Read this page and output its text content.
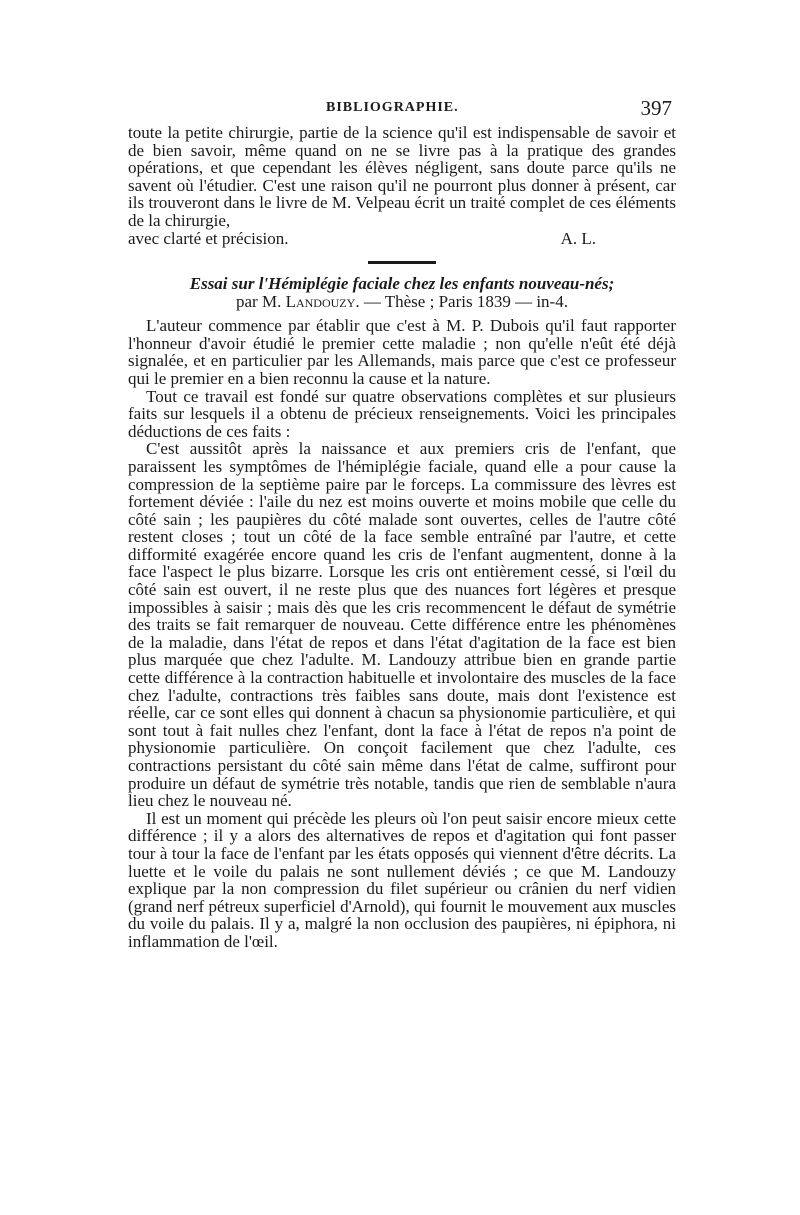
BIBLIOGRAPHIE.	397

toute la petite chirurgie, partie de la science qu'il est indispensable de savoir et de bien savoir, même quand on ne se livre pas à la pratique des grandes opérations, et que cependant les élèves négligent, sans doute parce qu'ils ne savent où l'étudier. C'est une raison qu'il ne pourront plus donner à présent, car ils trouveront dans le livre de M. Velpeau écrit un traité complet de ces éléments de la chirurgie,

avec clarté et précision.	A. L.

Essai sur l'Hémiplégie faciale chez les enfants nouveau-nés;
par M. Landouzy. — Thèse ; Paris 1839 — in-4.

L'auteur commence par établir que c'est à M. P. Dubois qu'il faut rapporter l'honneur d'avoir étudié le premier cette maladie ; non qu'elle n'eût été déjà signalée, et en particulier par les Allemands, mais parce que c'est ce professeur qui le premier en a bien reconnu la cause et la nature.

Tout ce travail est fondé sur quatre observations complètes et sur plusieurs faits sur lesquels il a obtenu de précieux renseignements. Voici les principales déductions de ces faits :

C'est aussitôt après la naissance et aux premiers cris de l'enfant, que paraissent les symptômes de l'hémiplégie faciale, quand elle a pour cause la compression de la septième paire par le forceps. La commissure des lèvres est fortement déviée : l'aile du nez est moins ouverte et moins mobile que celle du côté sain ; les paupières du côté malade sont ouvertes, celles de l'autre côté restent closes ; tout un côté de la face semble entraîné par l'autre, et cette difformité exagérée encore quand les cris de l'enfant augmentent, donne à la face l'aspect le plus bizarre. Lorsque les cris ont entièrement cessé, si l'œil du côté sain est ouvert, il ne reste plus que des nuances fort légères et presque impossibles à saisir ; mais dès que les cris recommencent le défaut de symétrie des traits se fait remarquer de nouveau. Cette différence entre les phénomènes de la maladie, dans l'état de repos et dans l'état d'agitation de la face est bien plus marquée que chez l'adulte. M. Landouzy attribue bien en grande partie cette différence à la contraction habituelle et involontaire des muscles de la face chez l'adulte, contractions très faibles sans doute, mais dont l'existence est réelle, car ce sont elles qui donnent à chacun sa physionomie particulière, et qui sont tout à fait nulles chez l'enfant, dont la face à l'état de repos n'a point de physionomie particulière. On conçoit facilement que chez l'adulte, ces contractions persistant du côté sain même dans l'état de calme, suffiront pour produire un défaut de symétrie très notable, tandis que rien de semblable n'aura lieu chez le nouveau né.

Il est un moment qui précède les pleurs où l'on peut saisir encore mieux cette différence ; il y a alors des alternatives de repos et d'agitation qui font passer tour à tour la face de l'enfant par les états opposés qui viennent d'être décrits. La luette et le voile du palais ne sont nullement déviés ; ce que M. Landouzy explique par la non compression du filet supérieur ou crânien du nerf vidien (grand nerf pétreux superficiel d'Arnold), qui fournit le mouvement aux muscles du voile du palais. Il y a, malgré la non occlusion des paupières, ni épiphora, ni inflammation de l'œil.
